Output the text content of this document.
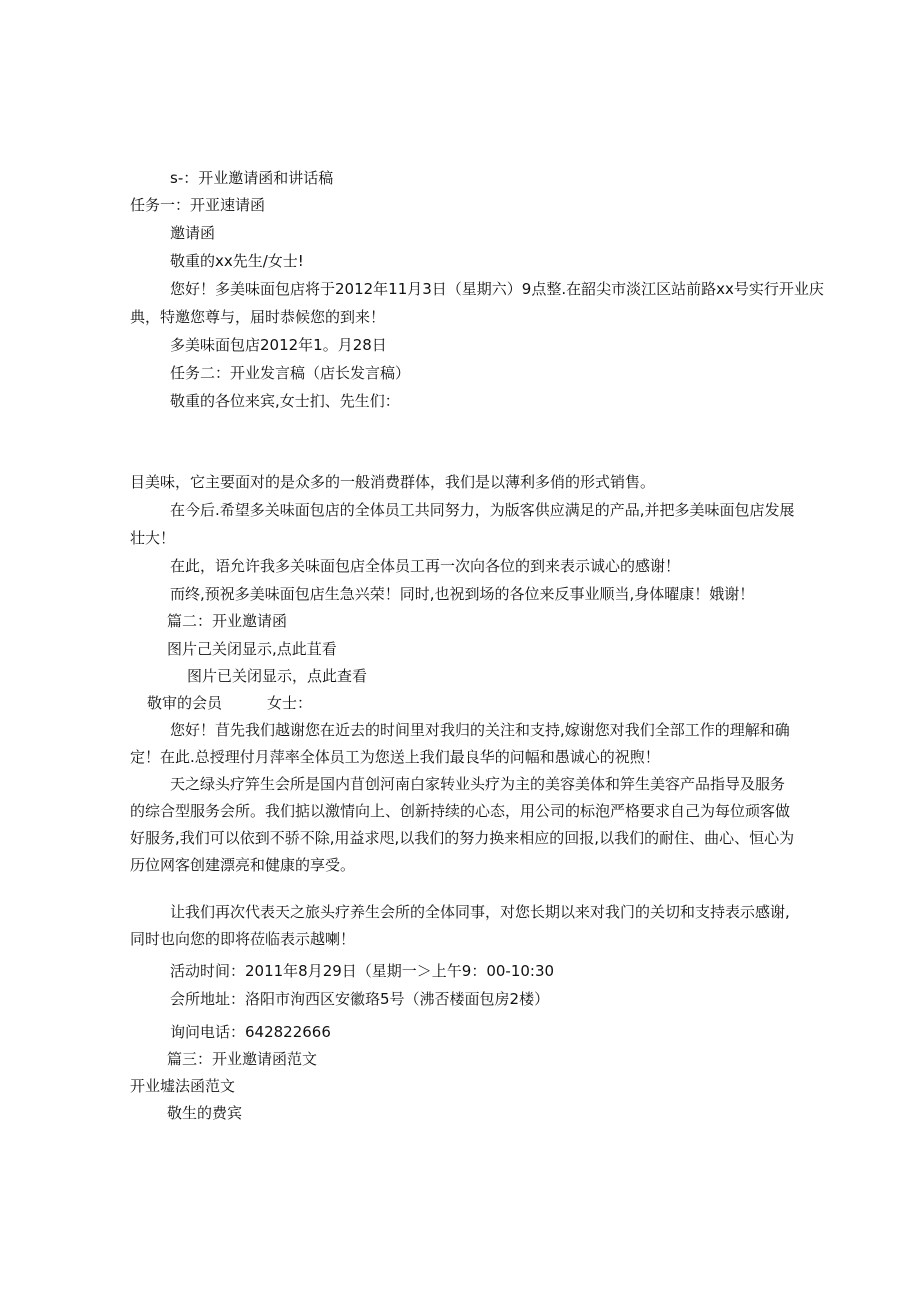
s-：开业邀请函和讲话稿

任务一：开亚速请函

邀请函

敬重的xx先生/女士!

您好！多美味面包店将于2012年11月3日（星期六）9点整.在韶尖市淡江区站前路xx号实行开业庆

典，特邀您尊与，届时恭候您的到来！

多美味面包店2012年1。月28日

任务二：开业发言稿（店长发言稿）

敬重的各位来宾,女士扪、先生们：

目美味，它主要面对的是众多的一般消费群体，我们是以薄利多俏的形式销售。

在今后.希望多关味面包店的全体员工共同努力，为版客供应满足的产品,并把多美味面包店发展

壮大！

在此，语允许我多关味面包店全体员工再一次向各位的到来表示诚心的感谢！

而终,预祝多美味面包店生急兴荣！同时,也祝到场的各位来反事业顺当,身体曜康！娥谢！

篇二：开业邀请函

图片己关闭显示,点此苴看

图片已关闭显示，点此查看

敬审的会员　　　女士：

您好！苜先我们越谢您在近去的时间里对我归的关注和支持,嫁谢您对我们全部工作的理解和确

定！在此.总授理付月萍率全体员工为您送上我们最良华的问幅和愚诚心的祝煦！

天之绿头疗笄生会所是国内苜创河南白家转业头疗为主的美容美体和笄生美容产品指导及服务

的综合型服务会所。我们掂以激情向上、创新持续的心态，用公司的标泡严格要求自己为每位顽客做

好服务,我们可以依到不骄不除,用益求咫,以我们的努力换来相应的回报,以我们的耐住、曲心、恒心为

历位网客创建漂亮和健康的享受。

让我们再次代表天之旅头疗养生会所的全体同事，对您长期以来对我门的关切和支持表示感谢,

同时也向您的即将莅临表示越喇！

活动时间：2011年8月29日（星期一＞上午9：00-10:30

会所地址：洛阳市洵西区安徽珞5号（沸否楼面包房2楼）

询问电话：642822666

篇三：开业邀请函范文

开业墟法函范文

敬生的费宾
